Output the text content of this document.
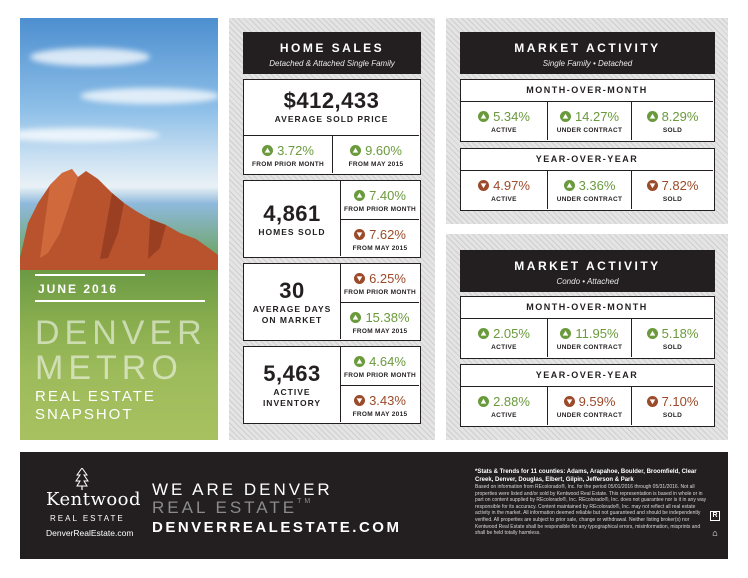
JUNE 2016
DENVER
METRO
REAL ESTATE
SNAPSHOT
HOME SALES
Detached & Attached Single Family
$412,433
AVERAGE SOLD PRICE
3.72%
FROM PRIOR MONTH
9.60%
FROM MAY 2015
4,861
HOMES SOLD
7.40%
FROM PRIOR MONTH
7.62%
FROM MAY 2015
30
AVERAGE DAYS
ON MARKET
6.25%
FROM PRIOR MONTH
15.38%
FROM MAY 2015
5,463
ACTIVE
INVENTORY
4.64%
FROM PRIOR MONTH
3.43%
FROM MAY 2015
MARKET ACTIVITY
Single Family • Detached
MONTH-OVER-MONTH
5.34%
ACTIVE
14.27%
UNDER CONTRACT
8.29%
SOLD
YEAR-OVER-YEAR
4.97%
ACTIVE
3.36%
UNDER CONTRACT
7.82%
SOLD
MARKET ACTIVITY
Condo • Attached
MONTH-OVER-MONTH
2.05%
ACTIVE
11.95%
UNDER CONTRACT
5.18%
SOLD
YEAR-OVER-YEAR
2.88%
ACTIVE
9.59%
UNDER CONTRACT
7.10%
SOLD
Kentwood
REAL ESTATE
DenverRealEstate.com
WE ARE DENVER
REAL ESTATE™
DENVERREALESTATE.COM
*Stats & Trends for 11 counties: Adams, Arapahoe, Boulder, Broomfield, Clear Creek, Denver, Douglas, Elbert, Gilpin, Jefferson & Park
Based on information from REcolorado®, Inc. for the period 05/01/2016 through 05/31/2016. Not all properties were listed and/or sold by Kentwood Real Estate. This representation is based in whole or in part on content supplied by REcolorado®, Inc. REcolorado®, Inc. does not guarantee nor is it in any way responsible for its accuracy. Content maintained by REcolorado®, Inc. may not reflect all real estate activity in the market. All information deemed reliable but not guaranteed and should be independently verified. All properties are subject to prior sale, change or withdrawal. Neither listing broker(s) nor Kentwood Real Estate shall be responsible for any typographical errors, misinformation, misprints and shall be held totally harmless.
R
⌂
